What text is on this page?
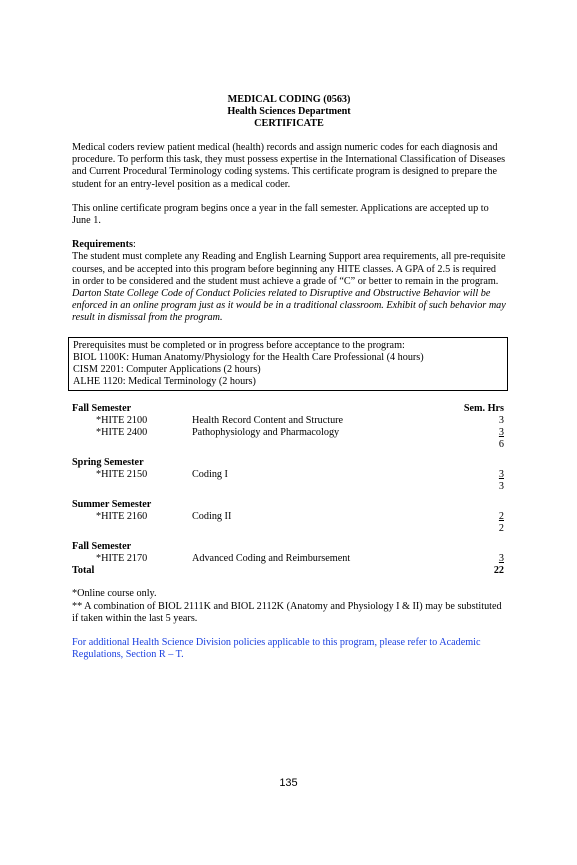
MEDICAL CODING (0563)
Health Sciences Department
CERTIFICATE

Medical coders review patient medical (health) records and assign numeric codes for each diagnosis and procedure. To perform this task, they must possess expertise in the International Classification of Diseases and Current Procedural Terminology coding systems. This certificate program is designed to prepare the student for an entry-level position as a medical coder.

This online certificate program begins once a year in the fall semester. Applications are accepted up to June 1.

Requirements:

The student must complete any Reading and English Learning Support area requirements, all pre-requisite courses, and be accepted into this program before beginning any HITE classes. A GPA of 2.5 is required in order to be considered and the student must achieve a grade of “C” or better to remain in the program.  Darton State College Code of Conduct Policies related to Disruptive and Obstructive Behavior will be enforced in an online program just as it would be in a traditional classroom. Exhibit of such behavior may result in dismissal from the program.

Prerequisites must be completed or in progress before acceptance to the program:
BIOL 1100K: Human Anatomy/Physiology for the Health Care Professional (4 hours)
CISM 2201: Computer Applications (2 hours)
ALHE 1120: Medical Terminology (2 hours)
Fall Semester	Sem. Hrs
*HITE 2100	Health Record Content and Structure	3
*HITE 2400	Pathophysiology and Pharmacology	3
6
Spring Semester
*HITE 2150	Coding I	3
3
Summer Semester
*HITE 2160	Coding II	2
2
Fall Semester
*HITE 2170	Advanced Coding and Reimbursement	3
Total	22
*Online course only.
** A combination of BIOL 2111K and BIOL 2112K (Anatomy and Physiology I & II) may be substituted if taken within the last 5 years.

For additional Health Science Division policies applicable to this program, please refer to Academic Regulations, Section R – T.

135
